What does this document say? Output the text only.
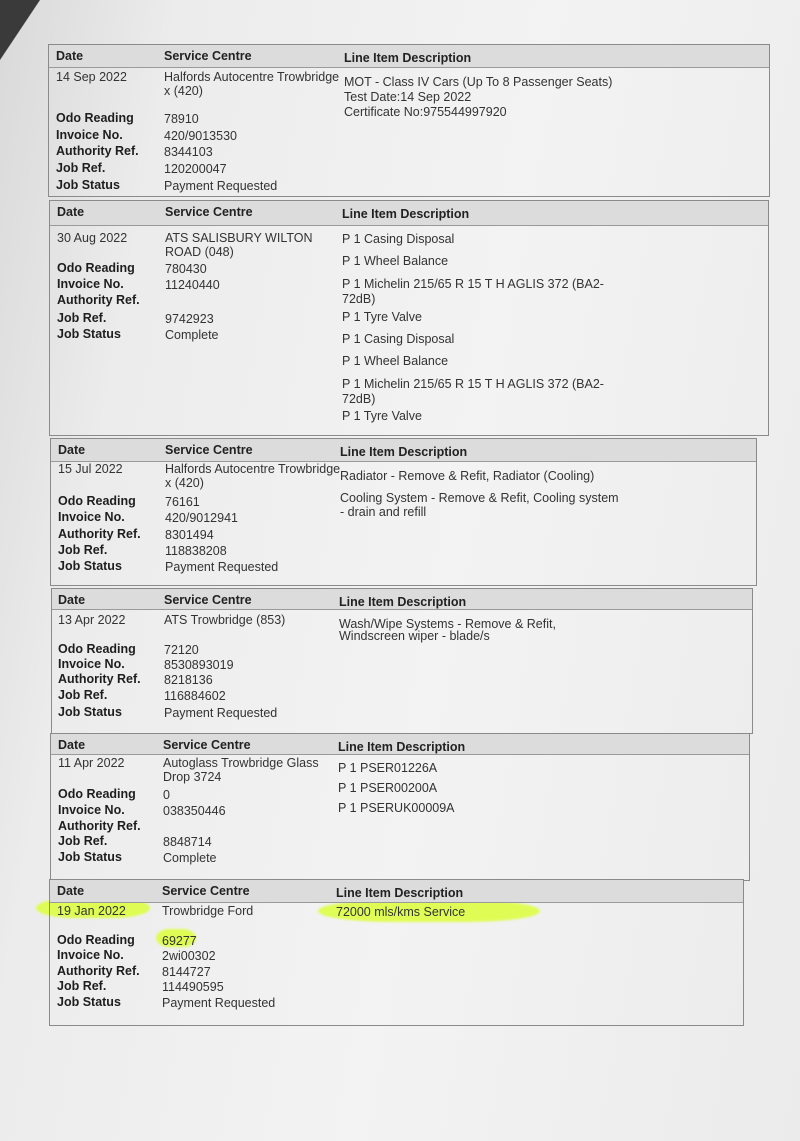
Date	Service Centre	Line Item Description
14 Sep 2022	Halfords Autocentre Trowbridge
x (420)
Odo Reading 78910
Invoice No.	420/9013530
Authority Ref. 8344103
Job Ref.	120200047
Job Status	Payment Requested
MOT - Class IV Cars (Up To 8 Passenger Seats)
Test Date:14 Sep 2022
Certificate No:975544997920
Date	Service Centre	Line Item Description
30 Aug 2022	ATS SALISBURY WILTON
ROAD (048)
Odo Reading 780430
Invoice No.	11240440
Authority Ref.
Job Ref.	9742923
Job Status	Complete
P 1 Casing Disposal
P 1 Wheel Balance
P 1 Michelin 215/65 R 15 T H AGLIS 372 (BA2-
72dB)
P 1 Tyre Valve
P 1 Casing Disposal
P 1 Wheel Balance
P 1 Michelin 215/65 R 15 T H AGLIS 372 (BA2-
72dB)
P 1 Tyre Valve
Date	Service Centre	Line Item Description
15 Jul 2022	Halfords Autocentre Trowbridge
x (420)
Odo Reading 76161
Invoice No.	420/9012941
Authority Ref. 8301494
Job Ref.	118838208
Job Status	Payment Requested
Radiator - Remove & Refit, Radiator (Cooling)
Cooling System - Remove & Refit, Cooling system
- drain and refill
Date	Service Centre	Line Item Description
13 Apr 2022	ATS Trowbridge (853)
Odo Reading 72120
Invoice No.	8530893019
Authority Ref. 8218136
Job Ref.	116884602
Job Status	Payment Requested
Wash/Wipe Systems - Remove & Refit,
Windscreen wiper - blade/s
Date	Service Centre	Line Item Description
11 Apr 2022	Autoglass Trowbridge Glass
Drop 3724
Odo Reading 0
Invoice No.	038350446
Authority Ref.
Job Ref.	8848714
Job Status	Complete
P 1 PSER01226A
P 1 PSER00200A
P 1 PSERUK00009A
Date	Service Centre	Line Item Description
19 Jan 2022	Trowbridge Ford
Odo Reading 69277
Invoice No.	2wi00302
Authority Ref. 8144727
Job Ref.	114490595
Job Status	Payment Requested
72000 mls/kms Service
